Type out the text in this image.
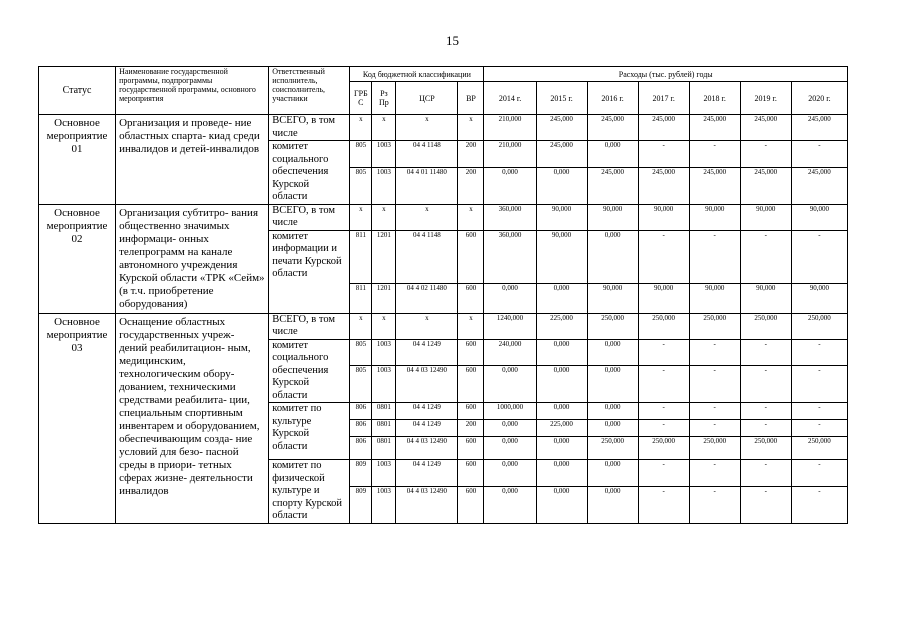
15
Статус	Наименование государственной программы, подпрограммы государственной программы, основного мероприятия	Ответственный исполнитель, соисполнитель, участники	Код бюджетной классификации				Расходы (тыс. рублей) годы						
			ГРБ С	Рз Пр	ЦСР	ВР	2014 г.	2015 г.	2016 г.	2017 г.	2018 г.	2019 г.	2020 г.
Основное мероприятие 01	Организация и проведе- ние областных спарта- киад среди инвалидов и детей-инвалидов	ВСЕГО, в том числе	х	х	х	х	210,000	245,000	245,000	245,000	245,000	245,000	245,000
		комитет социального обеспечения Курской области	805	1003	04 4 1148	200	210,000	245,000	0,000	-	-	-	-
			805	1003	04 4 01 11480	200	0,000	0,000	245,000	245,000	245,000	245,000	245,000
Основное мероприятие 02	Организация субтитро- вания общественно значимых информаци- онных телепрограмм на канале автономного учреждения Курской области «ТРК «Сейм» (в т.ч. приобретение оборудования)	ВСЕГО, в том числе	х	х	х	х	360,000	90,000	90,000	90,000	90,000	90,000	90,000
		комитет информации и печати Курской области	811	1201	04 4 1148	600	360,000	90,000	0,000	-	-	-	-
			811	1201	04 4 02 11480	600	0,000	0,000	90,000	90,000	90,000	90,000	90,000
Основное мероприятие 03	Оснащение областных государственных учреж- дений реабилитацион- ным, медицинским, технологическим обору- дованием, техническими средствами реабилита- ции, специальным спортивным инвентарем и оборудованием, обеспечивающим созда- ние условий для безо- пасной среды в приори- тетных сферах жизне- деятельности инвалидов	ВСЕГО, в том числе	х	х	х	х	1240,000	225,000	250,000	250,000	250,000	250,000	250,000
		комитет социального обеспечения Курской области	805	1003	04 4 1249	600	240,000	0,000	0,000	-	-	-	-
			805	1003	04 4 03 12490	600	0,000	0,000	0,000	-	-	-	-
		комитет по культуре Курской области	806	0801	04 4 1249	600	1000,000	0,000	0,000	-	-	-	-
			806	0801	04 4 1249	200	0,000	225,000	0,000	-	-	-	-
			806	0801	04 4 03 12490	600	0,000	0,000	250,000	250,000	250,000	250,000	250,000
		комитет по физической культуре и спорту Курской области	809	1003	04 4 1249	600	0,000	0,000	0,000	-	-	-	-
			809	1003	04 4 03 12490	600	0,000	0,000	0,000	-	-	-	-
